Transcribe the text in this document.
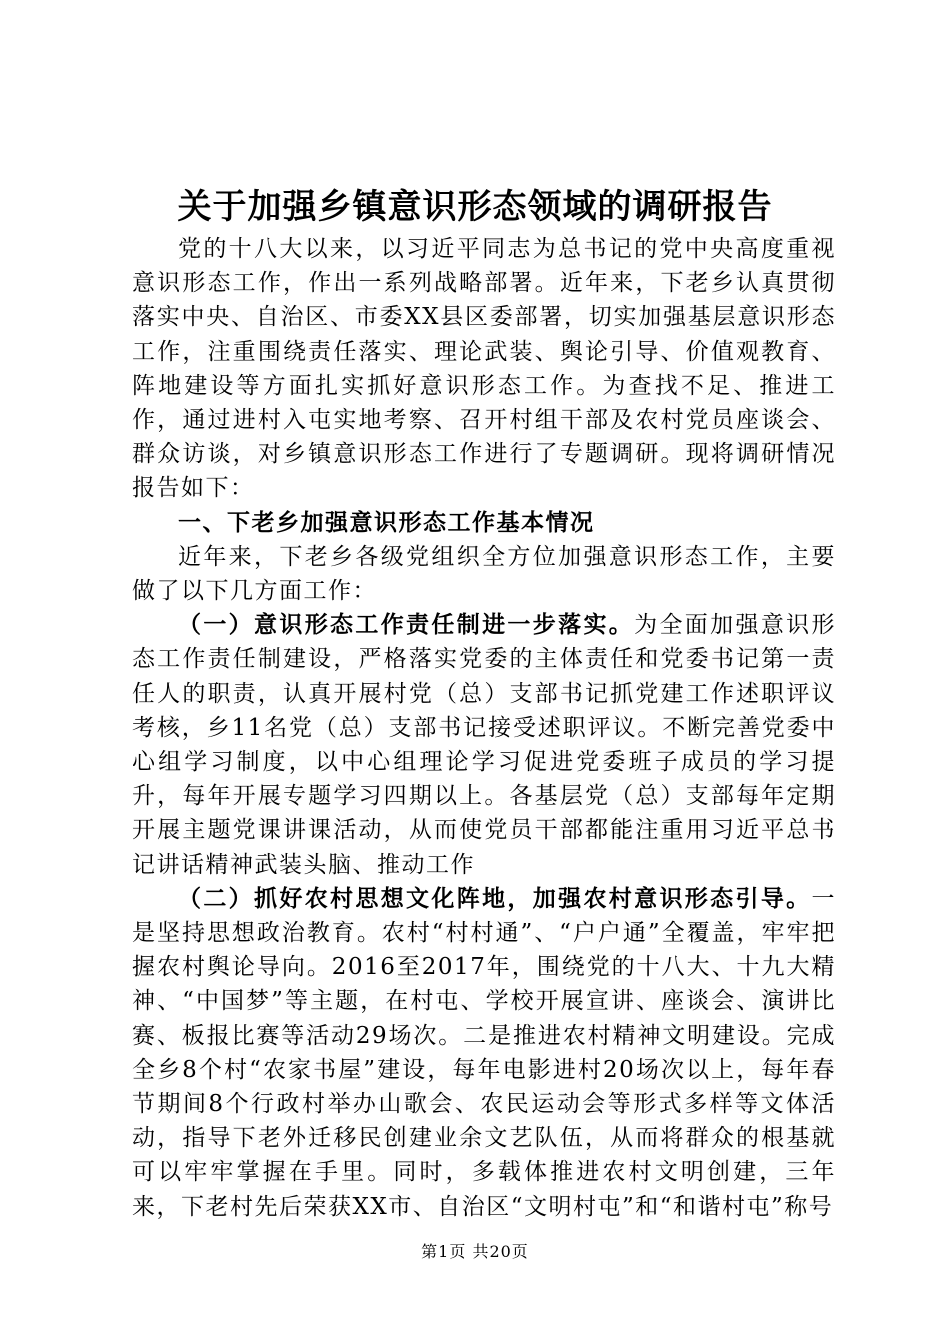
关于加强乡镇意识形态领域的调研报告

党的十八大以来，以习近平同志为总书记的党中央高度重视意识形态工作，作出一系列战略部署。近年来，下老乡认真贯彻落实中央、自治区、市委XX县区委部署，切实加强基层意识形态工作，注重围绕责任落实、理论武装、舆论引导、价值观教育、阵地建设等方面扎实抓好意识形态工作。为查找不足、推进工作，通过进村入屯实地考察、召开村组干部及农村党员座谈会、群众访谈，对乡镇意识形态工作进行了专题调研。现将调研情况报告如下：

一、下老乡加强意识形态工作基本情况

近年来，下老乡各级党组织全方位加强意识形态工作，主要做了以下几方面工作：

（一）意识形态工作责任制进一步落实。为全面加强意识形态工作责任制建设，严格落实党委的主体责任和党委书记第一责任人的职责，认真开展村党（总）支部书记抓党建工作述职评议考核，乡11名党（总）支部书记接受述职评议。不断完善党委中心组学习制度，以中心组理论学习促进党委班子成员的学习提升，每年开展专题学习四期以上。各基层党（总）支部每年定期开展主题党课讲课活动，从而使党员干部都能注重用习近平总书记讲话精神武装头脑、推动工作

（二）抓好农村思想文化阵地，加强农村意识形态引导。一是坚持思想政治教育。农村“村村通”、“户户通”全覆盖，牢牢把握农村舆论导向。2016至2017年，围绕党的十八大、十九大精神、“中国梦”等主题，在村屯、学校开展宣讲、座谈会、演讲比赛、板报比赛等活动29场次。二是推进农村精神文明建设。完成全乡8个村“农家书屋”建设，每年电影进村20场次以上，每年春节期间8个行政村举办山歌会、农民运动会等形式多样等文体活动，指导下老外迁移民创建业余文艺队伍，从而将群众的根基就可以牢牢掌握在手里。同时，多载体推进农村文明创建，三年来，下老村先后荣获XX市、自治区“文明村屯”和“和谐村屯”称号

第1页 共20页
